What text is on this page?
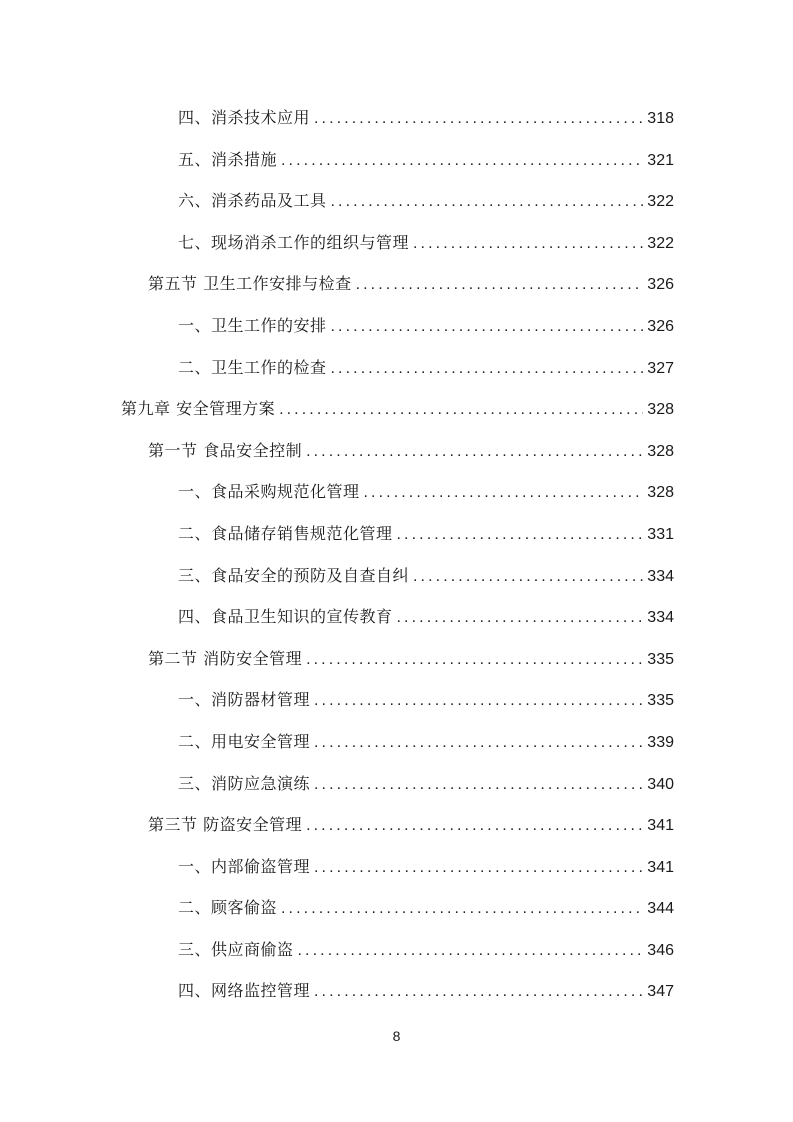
四、消杀技术应用 .....	318
五、消杀措施 .....	321
六、消杀药品及工具 .....	322
七、现场消杀工作的组织与管理 .....	322
第五节 卫生工作安排与检查 .....	326
一、卫生工作的安排 .....	326
二、卫生工作的检查 .....	327
第九章 安全管理方案 .....	328
第一节 食品安全控制 .....	328
一、食品采购规范化管理 .....	328
二、食品储存销售规范化管理 .....	331
三、食品安全的预防及自查自纠 .....	334
四、食品卫生知识的宣传教育 .....	334
第二节 消防安全管理 .....	335
一、消防器材管理 .....	335
二、用电安全管理 .....	339
三、消防应急演练 .....	340
第三节 防盗安全管理 .....	341
一、内部偷盗管理 .....	341
二、顾客偷盗 .....	344
三、供应商偷盗 .....	346
四、网络监控管理 .....	347
8
